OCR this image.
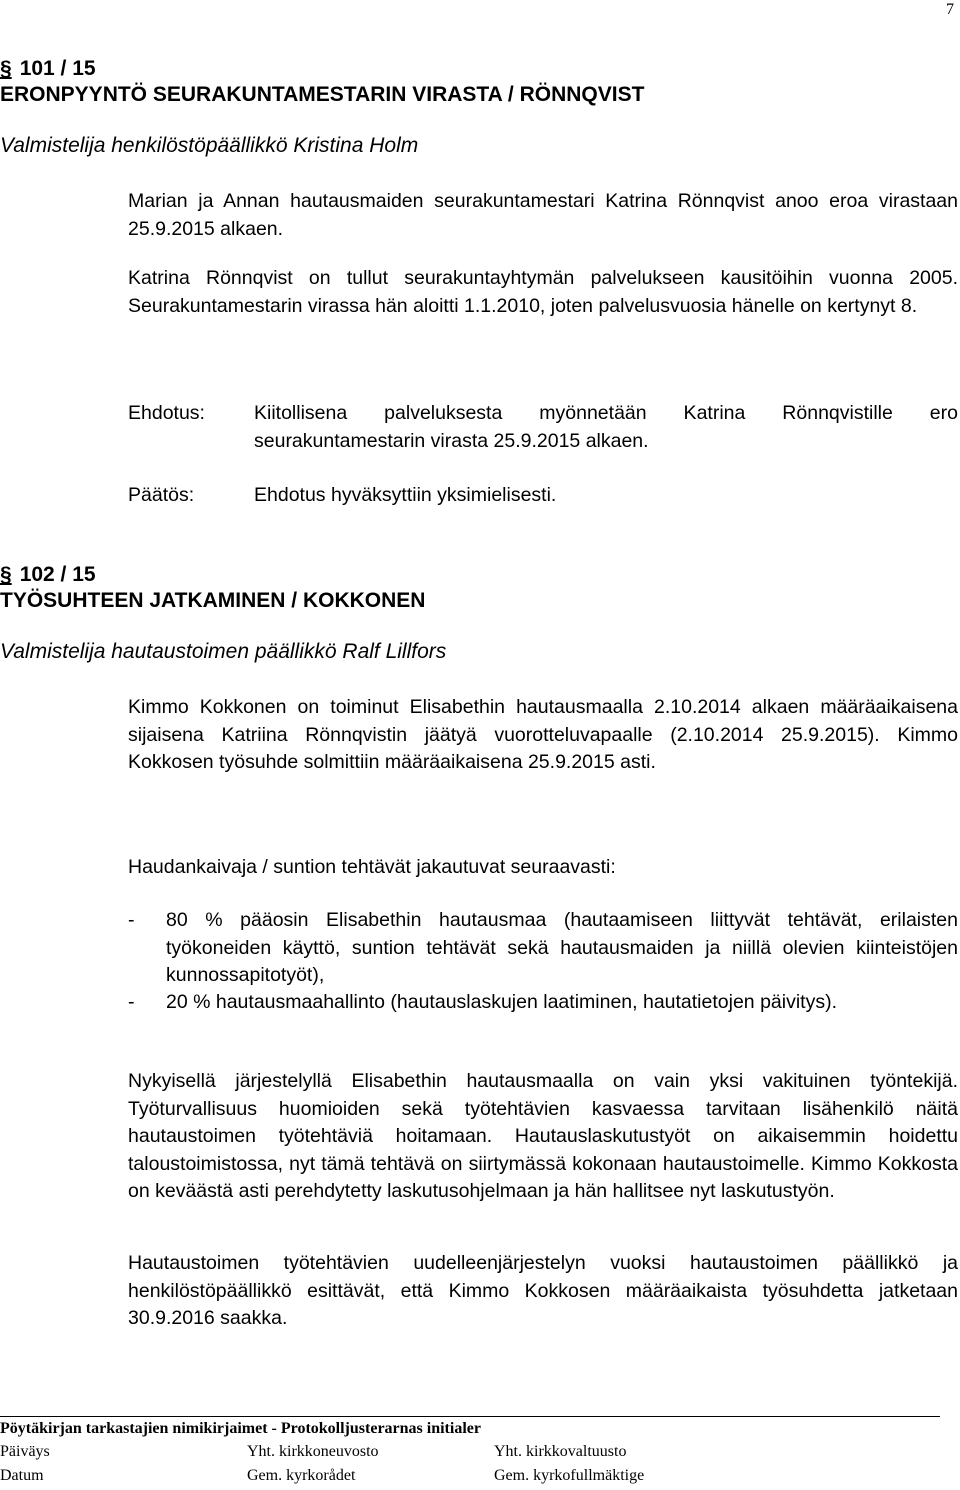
7
§ 101 / 15
ERONPYYNTÖ SEURAKUNTAMESTARIN VIRASTA / RÖNNQVIST
Valmistelija henkilöstöpäällikkö Kristina Holm
Marian ja Annan hautausmaiden seurakuntamestari Katrina Rönnqvist anoo eroa virastaan 25.9.2015 alkaen.
Katrina Rönnqvist on tullut seurakuntayhtymän palvelukseen kausitöihin vuonna 2005. Seurakuntamestarin virassa hän aloitti 1.1.2010, joten palvelusvuosia hänelle on kertynyt 8.
Ehdotus:	Kiitollisena palveluksesta myönnetään Katrina Rönnqvistille ero seurakuntamestarin virasta 25.9.2015 alkaen.
Päätös:	Ehdotus hyväksyttiin yksimielisesti.
§ 102 / 15
TYÖSUHTEEN JATKAMINEN / KOKKONEN
Valmistelija hautaustoimen päällikkö Ralf Lillfors
Kimmo Kokkonen on toiminut Elisabethin hautausmaalla 2.10.2014 alkaen määräaikaisena sijaisena Katriina Rönnqvistin jäätyä vuorotteluvapaalle (2.10.2014 25.9.2015). Kimmo Kokkosen työsuhde solmittiin määräaikaisena 25.9.2015 asti.
Haudankaivaja / suntion tehtävät jakautuvat seuraavasti:
- 80 % pääosin Elisabethin hautausmaa (hautaamiseen liittyvät tehtävät, erilaisten työkoneiden käyttö, suntion tehtävät sekä hautausmaiden ja niillä olevien kiinteistöjen kunnossapitotyöt),
- 20 % hautausmaahallinto (hautauslaskujen laatiminen, hautatietojen päivitys).
Nykyisellä järjestelyllä Elisabethin hautausmaalla on vain yksi vakituinen työntekijä. Työturvallisuus huomioiden sekä työtehtävien kasvaessa tarvitaan lisähenkilö näitä hautaustoimen työtehtäviä hoitamaan. Hautauslaskutustyöt on aikaisemmin hoidettu taloustoimistossa, nyt tämä tehtävä on siirtymässä kokonaan hautaustoimelle. Kimmo Kokkosta on keväästä asti perehdytetty laskutusohjelmaan ja hän hallitsee nyt laskutustyön.
Hautaustoimen työtehtävien uudelleenjärjestelyn vuoksi hautaustoimen päällikkö ja henkilöstöpäällikkö esittävät, että Kimmo Kokkosen määräaikaista työsuhdetta jatketaan 30.9.2016 saakka.
Pöytäkirjan tarkastajien nimikirjaimet - Protokolljusterarnas initialer
Päiväys	Yht. kirkkoneuvosto	Yht. kirkkovaltuusto
Datum	Gem. kyrkorådet	Gem. kyrkofullmäktige
